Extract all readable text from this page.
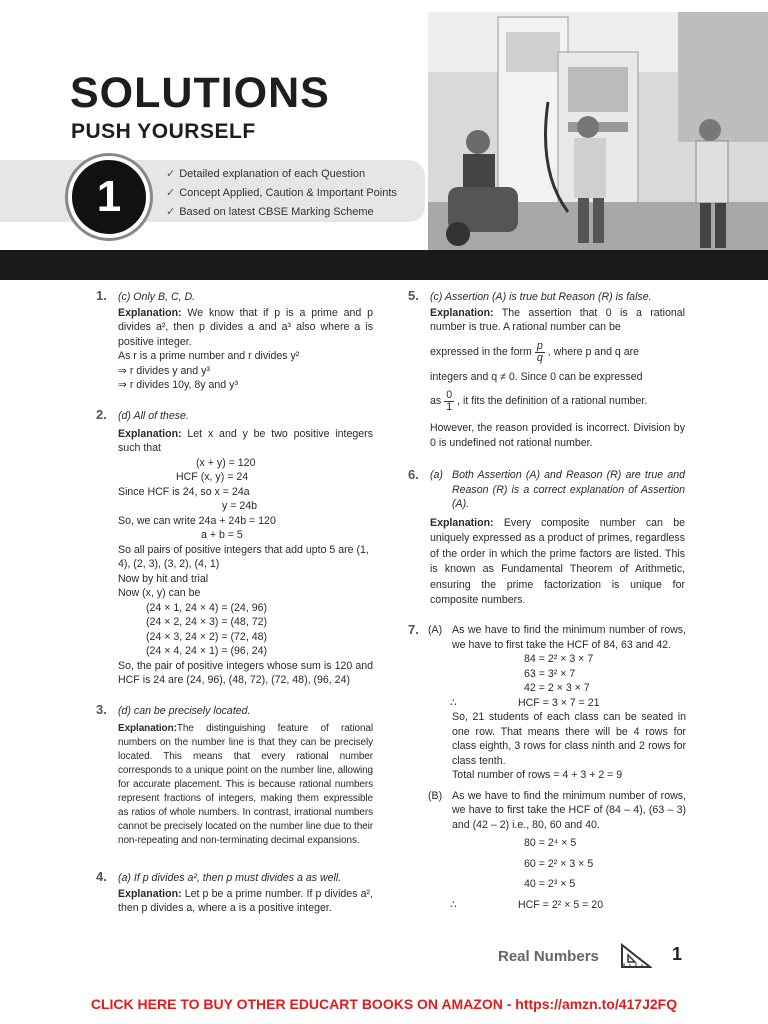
SOLUTIONS
PUSH YOURSELF
1	✓ Detailed explanation of each Question
✓ Concept Applied, Caution & Important Points
✓ Based on latest CBSE Marking Scheme
1. (c) Only B, C, D.

Explanation: We know that if p is a prime and p divides a², then p divides a and a³ also where a is positive integer.

As r is a prime number and r divides y²

⇒ r divides y and y³

⇒ r divides 10y, 8y and y³

2. (d) All of these.

Explanation: Let x and y be two positive integers such that

(x + y) = 120

HCF (x, y) = 24

Since HCF is 24, so x = 24a

y = 24b

So, we can write 24a + 24b = 120

a + b = 5

So all pairs of positive integers that add upto 5 are (1, 4), (2, 3), (3, 2), (4, 1)

Now by hit and trial

Now (x, y) can be

(24 × 1, 24 × 4) = (24, 96)

(24 × 2, 24 × 3) = (48, 72)

(24 × 3, 24 × 2) = (72, 48)

(24 × 4, 24 × 1) = (96, 24)

So, the pair of positive integers whose sum is 120 and HCF is 24 are (24, 96), (48, 72), (72, 48), (96, 24)

3. (d) can be precisely located.

Explanation:The distinguishing feature of rational numbers on the number line is that they can be precisely located. This means that every rational number corresponds to a unique point on the number line, allowing for accurate placement. This is because rational numbers represent fractions of integers, making them expressible as ratios of whole numbers. In contrast, irrational numbers cannot be precisely located on the number line due to their non-repeating and non-terminating decimal expansions.

4. (a) If p divides a², then p must divides a as well.

Explanation: Let p be a prime number. If p divides a², then p divides a, where a is a positive integer.

5. (c) Assertion (A) is true but Reason (R) is false.

Explanation: The assertion that 0 is a rational number is true. A rational number can be

expressed in the form
p
q , where p and q are

integers and q ≠ 0. Since 0 can be expressed

as
0
1 , it fits the definition of a rational number.

However, the reason provided is incorrect. Division by 0 is undefined not rational number.

6. (a) Both Assertion (A) and Reason (R) are true and Reason (R) is a correct explanation of Assertion (A).

Explanation: Every composite number can be uniquely expressed as a product of primes, regardless of the order in which the prime factors are listed. This is known as Fundamental Theorem of Arithmetic, ensuring the prime factorization is unique for composite numbers.

7. (A) As we have to find the minimum number of rows, we have to first take the HCF of 84, 63 and 42.

84 = 2² × 3 × 7

63 = 3² × 7

42 = 2 × 3 × 7

∴	HCF = 3 × 7 = 21

So, 21 students of each class can be seated in one row. That means there will be 4 rows for class eighth, 3 rows for class ninth and 2 rows for class tenth.

Total number of rows = 4 + 3 + 2 = 9

(B) As we have to find the minimum number of rows, we have to first take the HCF of (84 – 4), (63 – 3) and (42 – 2) i.e., 80, 60 and 40.

80 = 2⁴ × 5

60 = 2² × 3 × 5

40 = 2³ × 5

∴	HCF = 2² × 5 = 20

Real Numbers	1
CLICK HERE TO BUY OTHER EDUCART BOOKS ON AMAZON - https://amzn.to/417J2FQ
